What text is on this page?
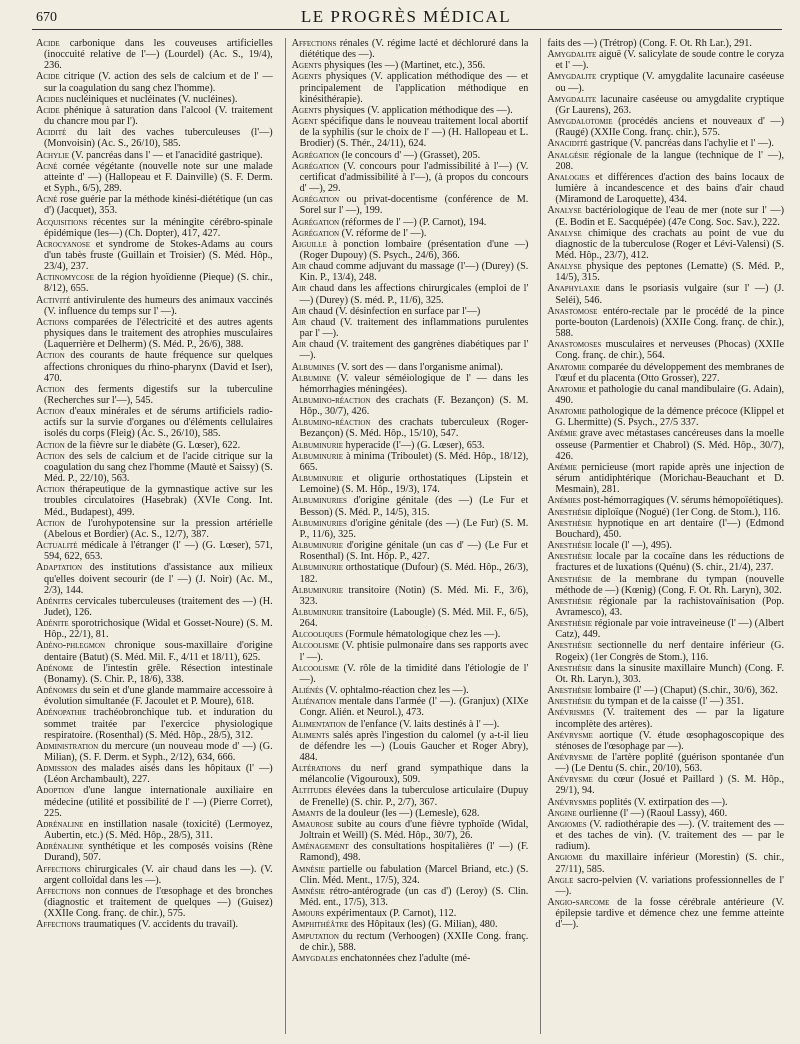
670	LE PROGRÈS MÉDICAL

Acide carbonique dans les couveuses artificielles (inoccuité relative de l'—) (Lourdel) (Ac. S., 19/4), 236.

Acide citrique (V. action des sels de calcium et de l' — sur la coagulation du sang chez l'homme).

Acides nucléiniques et nucléinates (V. nucléines).

Acide phénique à saturation dans l'alcool (V. traitement du chancre mou par l').

Acidité du lait des vaches tuberculeuses (l'—) (Monvoisin) (Ac. S., 26/10), 585.

Achylie (V. pancréas dans l' — et l'anacidité gastrique).

Acné cornée végétante (nouvelle note sur une malade atteinte d' —) (Hallopeau et F. Dainville) (S. F. Derm. et Syph., 6/5), 289.

Acné rose guérie par la méthode kinési-diététique (un cas d') (Jacquet), 353.

Acquisitions récentes sur la méningite cérébro-spinale épidémique (les—) (Ch. Dopter), 417, 427.

Acrocyanose et syndrome de Stokes-Adams au cours d'un tabès fruste (Guillain et Troisier) (S. Méd. Hôp., 23/4), 237.

Actinomycose de la région hyoïdienne (Pieque) (S. chir., 8/12), 655.

Activité antivirulente des humeurs des animaux vaccinés (V. influence du temps sur l' —).

Actions comparées de l'électricité et des autres agents physiques dans le traitement des atrophies musculaires (Laquerrière et Delherm) (S. Méd. P., 26/6), 388.

Action des courants de haute fréquence sur quelques affections chroniques du rhino-pharynx (David et Iser), 470.

Action des ferments digestifs sur la tuberculine (Recherches sur l'—), 545.

Action d'eaux minérales et de sérums artificiels radio-actifs sur la survie d'organes ou d'éléments cellulaires isolés du corps (Fleig) (Ac. S., 26/10), 585.

Action de la fièvre sur le diabète (G. Lœser), 622.

Action des sels de calcium et de l'acide citrique sur la coagulation du sang chez l'homme (Mautè et Saissy) (S. Méd. P., 22/10), 563.

Action thérapeutique de la gymnastique active sur les troubles circulatoires (Hasebrak) (XVIe Cong. Int. Méd., Budapest), 499.

Action de l'urohypotensine sur la pression artérielle (Abelous et Bordier) (Ac. S., 12/7), 387.

Actualité médicale à l'étranger (l' —) (G. Lœser), 571, 594, 622, 653.

Adaptation des institutions d'assistance aux milieux qu'elles doivent secourir (de l' —) (J. Noir) (Ac. M., 2/3), 144.

Adénites cervicales tuberculeuses (traitement des —) (H. Judet), 126.

Adénite sporotrichosique (Widal et Gosset-Noure) (S. M. Hôp., 22/1), 81.

Adéno-phlegmon chronique sous-maxillaire d'origine dentaire (Batut) (S. Méd. Mil. F., 4/11 et 18/11), 625.

Adénome de l'intestin grêle. Résection intestinale (Bonamy). (S. Chir. P., 18/6), 338.

Adénomes du sein et d'une glande mammaire accessoire à évolution simultanée (F. Jacoulet et P. Moure), 618.

Adénopathie trachéobronchique tub. et induration du sommet traitée par l'exercice physiologique respiratoire. (Rosenthal) (S. Méd. Hôp., 28/5), 312.

Administration du mercure (un nouveau mode d' —) (G. Milian), (S. F. Derm. et Syph., 2/12), 634, 666.

Admission des malades aisés dans les hôpitaux (l' —) (Léon Archambault), 227.

Adoption d'une langue internationale auxiliaire en médecine (utilité et possibilité de l' —) (Pierre Corret), 225.

Adrénaline en instillation nasale (toxicité) (Lermoyez, Aubertin, etc.) (S. Méd. Hôp., 28/5), 311.

Adrénaline synthétique et les composés voisins (Rène Durand), 507.

Affections chirurgicales (V. air chaud dans les —). (V. argent colloïdal dans les —).

Affections non connues de l'œsophage et des bronches (diagnostic et traitement de quelques —) (Guisez) (XXIIe Cong. franç. de chir.), 575.

Affections traumatiques (V. accidents du travail).

Affections rénales (V. régime lacté et déchloruré dans la diététique des —).

Agents physiques (les —) (Martinet, etc.), 356.

Agents physiques (V. application méthodique des — et principalement de l'application méthodique en kinésithérapie).

Agents physiques (V. application méthodique des —).

Agent spécifique dans le nouveau traitement local abortif de la syphilis (sur le choix de l' —) (H. Hallopeau et L. Brodier) (S. Thér., 24/11), 624.

Agrégation (le concours d' —) (Grasset), 205.

Agrégation (V. concours pour l'admissibilité à l'—) (V. certificat d'admissibilité à l'—), (à propos du concours d' —), 29.

Agrégation ou privat-docentisme (conférence de M. Sorel sur l' —), 199.

Agrégation (réformes de l' —) (P. Carnot), 194.

Agrégation (V. réforme de l' —).

Aiguille à ponction lombaire (présentation d'une —) (Roger Dupouy) (S. Psych., 24/6), 366.

Air chaud comme adjuvant du massage (l'—) (Durey) (S. Kin. P., 13/4), 248.

Air chaud dans les affections chirurgicales (emploi de l' —) (Durey) (S. méd. P., 11/6), 325.

Air chaud (V. désinfection en surface par l'—)

Air chaud (V. traitement des inflammations purulentes par l' —).

Air chaud (V. traitement des gangrènes diabétiques par l' —).

Albumines (V. sort des — dans l'organisme animal).

Albumine (V. valeur séméiologique de l' — dans les hémorrhagies méningées).

Albumino-réaction des crachats (F. Bezançon) (S. M. Hôp., 30/7), 426.

Albumino-réaction des crachats tuberculeux (Roger-Bezançon) (S. Méd. Hôp., 15/10), 547.

Albuminurie hyperacide (l'—) (G. Lœser), 653.

Albuminurie à minima (Triboulet) (S. Méd. Hôp., 18/12), 665.

Albuminurie et oligurie orthostatiques (Lipstein et Lemoine) (S. M. Hôp., 19/3), 174.

Albuminuries d'origine génitale (des —) (Le Fur et Besson) (S. Méd. P., 14/5), 315.

Albuminuries d'origine génitale (des —) (Le Fur) (S. M. P., 11/6), 325.

Albuminurie d'origine génitale (un cas d' —) (Le Fur et Rosenthal) (S. Int. Hôp. P., 427.

Albuminurie orthostatique (Dufour) (S. Méd. Hôp., 26/3), 182.

Albuminurie transitoire (Notin) (S. Méd. Mi. F., 3/6), 323.

Albuminurie transitoire (Labougle) (S. Méd. Mil. F., 6/5), 264.

Alcooliques (Formule hématologique chez les —).

Alcoolisme (V. phtisie pulmonaire dans ses rapports avec l' —).

Alcoolisme (V. rôle de la timidité dans l'étiologie de l' —).

Aliénés (V. ophtalmo-réaction chez les —).

Aliénation mentale dans l'armée (l' —). (Granjux) (XIXe Congr. Alién. et Neurol.), 473.

Alimentation de l'enfance (V. laits destinés à l' —).

Aliments salés après l'ingestion du calomel (y a-t-il lieu de défendre les —) (Louis Gaucher et Roger Abry), 484.

Altérations du nerf grand sympathique dans la mélancolie (Vigouroux), 509.

Altitudes élevées dans la tuberculose articulaire (Dupuy de Frenelle) (S. chir. P., 2/7), 367.

Amants de la douleur (les —) (Lemesle), 628.

Amaurose subite au cours d'une fièvre typhoïde (Widal, Joltrain et Weill) (S. Méd. Hôp., 30/7), 26.

Aménagement des consultations hospitalières (l' —) (F. Ramond), 498.

Amnésie partielle ou fabulation (Marcel Briand, etc.) (S. Clin. Méd. Ment., 17/5), 324.

Amnésie rétro-antérograde (un cas d') (Leroy) (S. Clin. Méd. ent., 17/5), 313.

Amours expérimentaux (P. Carnot), 112.

Amphithéâtre des Hôpitaux (les) (G. Milian), 480.

Amputation du rectum (Verhoogen) (XXIIe Cong. franç. de chir.), 588.

Amygdales enchatonnées chez l'adulte (mé-

faits des —) (Trétrop) (Cong. F. Ot. Rh Lar.), 291.

Amygdalite aiguë (V. salicylate de soude contre le coryza et l' —).

Amygdalite cryptique (V. amygdalite lacunaire caséeuse ou —).

Amygdalite lacunaire caséeuse ou amygdalite cryptique (Gr Laurens), 263.

Amygdalotomie (procédés anciens et nouveaux d' —) (Raugé) (XXIIe Cong. franç. chir.), 575.

Anacidité gastrique (V. pancréas dans l'achylie et l' —).

Analgésie régionale de la langue (technique de l' —), 208.

Analogies et différences d'action des bains locaux de lumière à incandescence et des bains d'air chaud (Miramond de Laroquette), 434.

Analyse bactériologique de l'eau de mer (note sur l' —) (E. Bodin et E. Sacquépée) (47e Cong. Soc. Sav.), 222.

Analyse chimique des crachats au point de vue du diagnostic de la tuberculose (Roger et Lévi-Valensi) (S. Méd. Hôp., 23/7), 412.

Analyse physique des peptones (Lematte) (S. Méd. P., 14/5), 315.

Anaphylaxie dans le psoriasis vulgaire (sur l' —) (J. Seléi), 546.

Anastomose entéro-rectale par le procédé de la pince porte-bouton (Lardenois) (XXIIe Cong. franç. de chir.), 588.

Anastomoses musculaires et nerveuses (Phocas) (XXIIe Cong. franç. de chir.), 564.

Anatomie comparée du développement des membranes de l'œuf et du placenta (Otto Grosser), 227.

Anatomie et pathologie du canal mandibulaire (G. Adain), 490.

Anatomie pathologique de la démence précoce (Klippel et G. Lhermitte) (S. Psych., 27/5 337.

Anémie grave avec métastases cancéreuses dans la moelle osseuse (Parmentier et Chabrol) (S. Méd. Hôp., 30/7), 426.

Anémie pernicieuse (mort rapide après une injection de sérum antidiphtérique (Morichau-Beauchant et D. Mesmain), 281.

Anémies post-hémorragiques (V. sérums hémopoïétiques).

Anesthésie diploïque (Nogué) (1er Cong. de Stom.), 116.

Anesthésie hypnotique en art dentaire (l'—) (Edmond Bouchard), 450.

Anesthésie locale (l' —), 495).

Anesthésie locale par la cocaïne dans les réductions de fractures et de luxations (Quénu) (S. chir., 21/4), 237.

Anesthésie de la membrane du tympan (nouvelle méthode de —) (Kœnig) (Cong. F. Ot. Rh. Laryn), 302.

Anesthésie régionale par la rachistovaïnisation (Pop. Avramesco), 43.

Anesthésie régionale par voie intraveineuse (l' —) (Albert Catz), 449.

Anesthésie sectionnelle du nerf dentaire inférieur (G. Rogeix) (1er Congrès de Stom.), 116.

Anesthésie dans la sinusite maxillaire Munch) (Cong. F. Ot. Rh. Laryn.), 303.

Anesthésie lombaire (l' —) (Chaput) (S.chir., 30/6), 362.

Anesthésie du tympan et de la caisse (l' —) 351.

Anévrismes (V. traitement des — par la ligature incomplète des artères).

Anévrysme aortique (V. étude œsophagoscopique des sténoses de l'œsophage par —).

Anévrysme de l'artère poplité (guérison spontanée d'un —) (Le Dentu (S. chir., 20/10), 563.

Anévrysme du cœur (Josué et Paillard ) (S. M. Hôp., 29/1), 94.

Anévrysmes poplités (V. extirpation des —).

Angine ourlienne (l' —) (Raoul Lassy), 460.

Angiomes (V. radiothérapie des —). (V. traitement des — et des taches de vin). (V. traitement des — par le radium).

Angiome du maxillaire inférieur (Morestin) (S. chir., 27/11), 585.

Angle sacro-pelvien (V. variations professionnelles de l' —).

Angio-sarcome de la fosse cérébrale antérieure (V. épilepsie tardive et démence chez une femme atteinte d'—).
